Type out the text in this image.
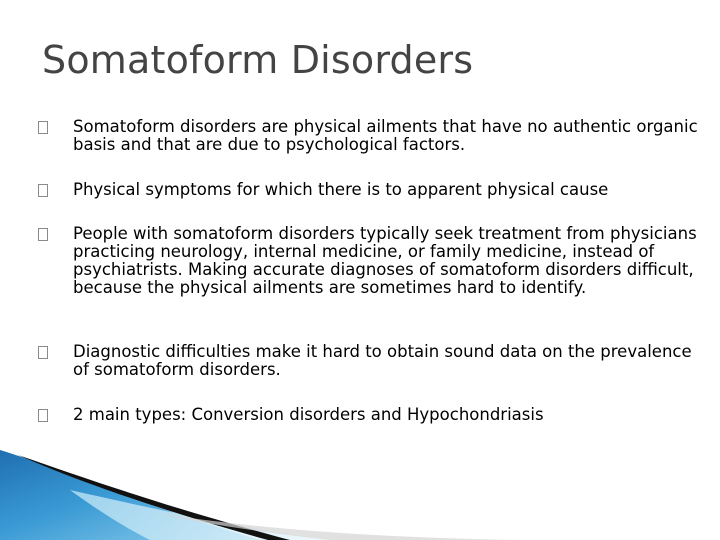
Somatoform Disorders
Somatoform disorders are physical ailments that have no authentic organic basis and that are due to psychological factors.
Physical symptoms for which there is to apparent physical cause
People with somatoform disorders typically seek treatment from physicians practicing neurology, internal medicine, or family medicine, instead of psychiatrists. Making accurate diagnoses of somatoform disorders difficult, because the physical ailments are sometimes hard to identify.
Diagnostic difficulties make it hard to obtain sound data on the prevalence of somatoform disorders.
2 main types: Conversion disorders and Hypochondriasis
